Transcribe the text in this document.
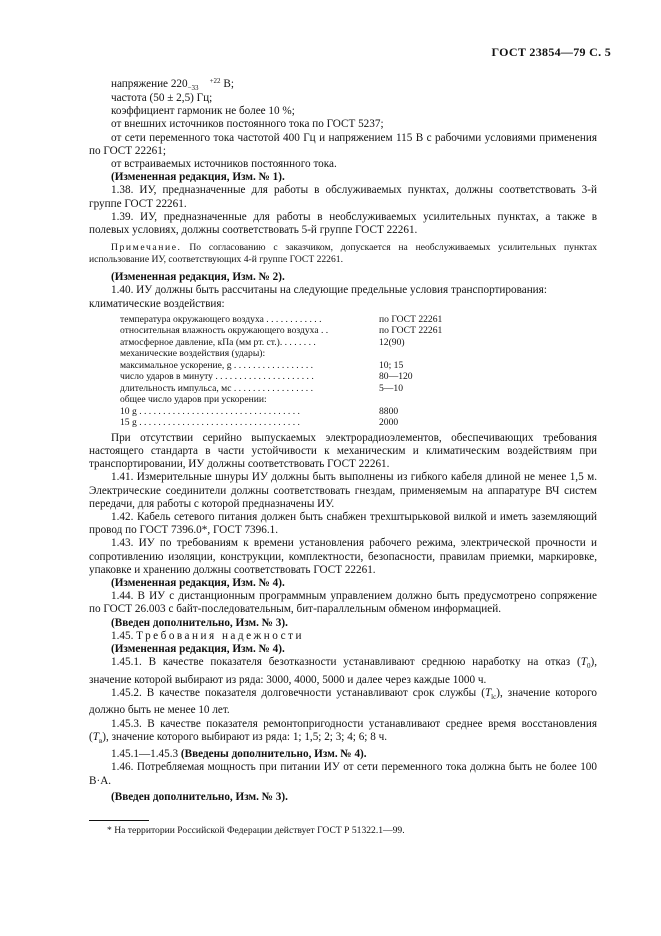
ГОСТ 23854—79 С. 5

напряжение 220	+22
−33 В;

частота (50 ± 2,5) Гц;

коэффициент гармоник не более 10 %;

от внешних источников постоянного тока по ГОСТ 5237;

от сети переменного тока частотой 400 Гц и напряжением 115 В с рабочими условиями применения по ГОСТ 22261;

от встраиваемых источников постоянного тока.

(Измененная редакция, Изм. № 1).

1.38. ИУ, предназначенные для работы в обслуживаемых пунктах, должны соответствовать 3-й группе ГОСТ 22261.

1.39. ИУ, предназначенные для работы в необслуживаемых усилительных пунктах, а также в полевых условиях, должны соответствовать 5-й группе ГОСТ 22261.

Примечание. По согласованию с заказчиком, допускается на необслуживаемых усилительных пунктах использование ИУ, соответствующих 4-й группе ГОСТ 22261.

(Измененная редакция, Изм. № 2).

1.40. ИУ должны быть рассчитаны на следующие предельные условия транспортирования:

климатические воздействия:

температура окружающего воздуха . . . . . . . . . . . .	по ГОСТ 22261
относительная влажность окружающего воздуха . .	по ГОСТ 22261
атмосферное давление, кПа (мм рт. ст.). . . . . . . .	12(90)
механические воздействия (удары):
максимальное ускорение, g . . . . . . . . . . . . . . . . .	10; 15
число ударов в минуту . . . . . . . . . . . . . . . . . . . . .	80—120
длительность импульса, мс . . . . . . . . . . . . . . . . .	5—10
общее число ударов при ускорении:
10 g . . . . . . . . . . . . . . . . . . . . . . . . . . . . . . . . . .	8800
15 g . . . . . . . . . . . . . . . . . . . . . . . . . . . . . . . . . .	2000

При отсутствии серийно выпускаемых электрорадиоэлементов, обеспечивающих требования настоящего стандарта в части устойчивости к механическим и климатическим воздействиям при транспортировании, ИУ должны соответствовать ГОСТ 22261.

1.41. Измерительные шнуры ИУ должны быть выполнены из гибкого кабеля длиной не менее 1,5 м. Электрические соединители должны соответствовать гнездам, применяемым на аппаратуре ВЧ систем передачи, для работы с которой предназначены ИУ.

1.42. Кабель сетевого питания должен быть снабжен трехштырьковой вилкой и иметь заземляющий провод по ГОСТ 7396.0*, ГОСТ 7396.1.

1.43. ИУ по требованиям к времени установления рабочего режима, электрической прочности и сопротивлению изоляции, конструкции, комплектности, безопасности, правилам приемки, маркировке, упаковке и хранению должны соответствовать ГОСТ 22261.

(Измененная редакция, Изм. № 4).

1.44. В ИУ с дистанционным программным управлением должно быть предусмотрено сопряжение по ГОСТ 26.003 с байт-последовательным, бит-параллельным обменом информацией.

(Введен дополнительно, Изм. № 3).

1.45. Требования надежности

(Измененная редакция, Изм. № 4).

1.45.1. В качестве показателя безотказности устанавливают среднюю наработку на отказ $(T_0)$, значение которой выбирают из ряда: 3000, 4000, 5000 и далее через каждые 1000 ч.

1.45.2. В качестве показателя долговечности устанавливают срок службы $(T_{lc})$, значение которого должно быть не менее 10 лет.

1.45.3. В качестве показателя ремонтопригодности устанавливают среднее время восстановления $(T_в)$, значение которого выбирают из ряда: 1; 1,5; 2; 3; 4; 6; 8 ч.

1.45.1—1.45.3 (Введены дополнительно, Изм. № 4).

1.46. Потребляемая мощность при питании ИУ от сети переменного тока должна быть не более 100 В·А.

(Введен дополнительно, Изм. № 3).

* На территории Российской Федерации действует ГОСТ Р 51322.1—99.
